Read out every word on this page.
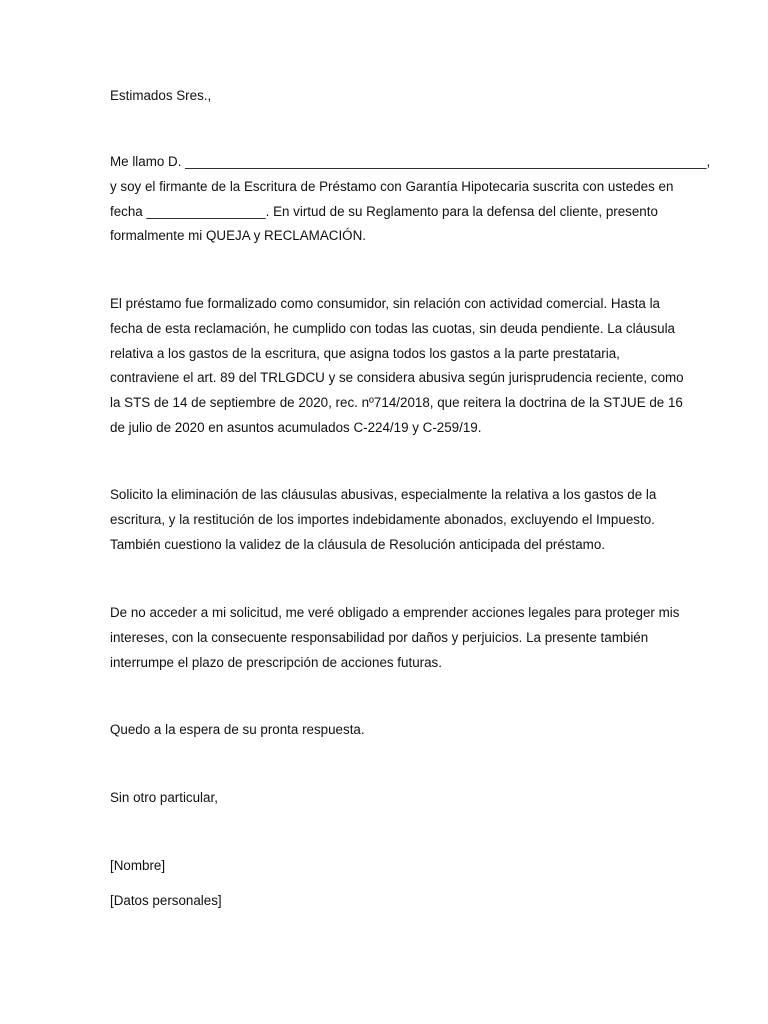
Estimados Sres.,

Me llamo D. ______________________________________________________________________,
y soy el firmante de la Escritura de Préstamo con Garantía Hipotecaria suscrita con ustedes en
fecha ________________. En virtud de su Reglamento para la defensa del cliente, presento
formalmente mi QUEJA y RECLAMACIÓN.

El préstamo fue formalizado como consumidor, sin relación con actividad comercial. Hasta la
fecha de esta reclamación, he cumplido con todas las cuotas, sin deuda pendiente. La cláusula
relativa a los gastos de la escritura, que asigna todos los gastos a la parte prestataria,
contraviene el art. 89 del TRLGDCU y se considera abusiva según jurisprudencia reciente, como
la STS de 14 de septiembre de 2020, rec. nº714/2018, que reitera la doctrina de la STJUE de 16
de julio de 2020 en asuntos acumulados C-224/19 y C-259/19.

Solicito la eliminación de las cláusulas abusivas, especialmente la relativa a los gastos de la
escritura, y la restitución de los importes indebidamente abonados, excluyendo el Impuesto.
También cuestiono la validez de la cláusula de Resolución anticipada del préstamo.

De no acceder a mi solicitud, me veré obligado a emprender acciones legales para proteger mis
intereses, con la consecuente responsabilidad por daños y perjuicios. La presente también
interrumpe el plazo de prescripción de acciones futuras.

Quedo a la espera de su pronta respuesta.

Sin otro particular,

[Nombre]

[Datos personales]
